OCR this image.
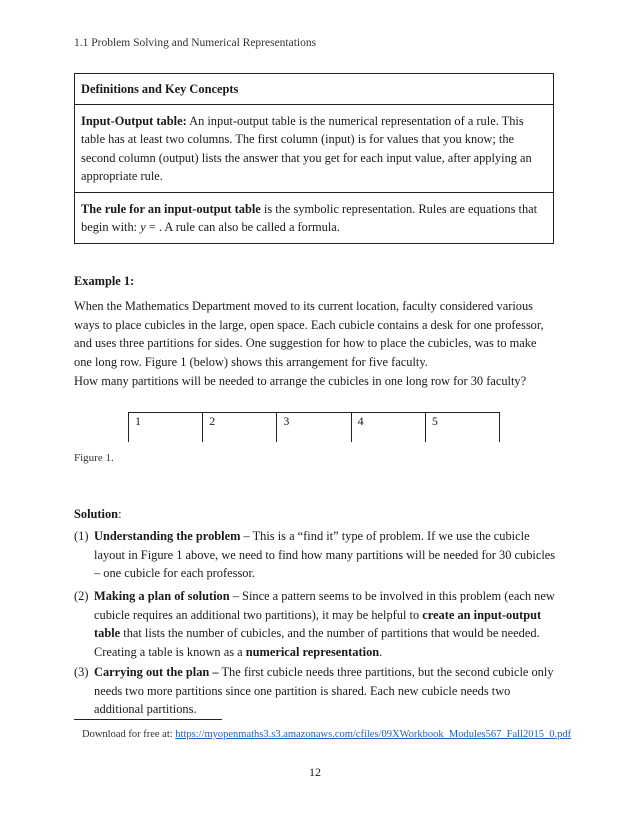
1.1 Problem Solving and Numerical Representations
Definitions and Key Concepts
Input-Output table: An input-output table is the numerical representation of a rule. This table has at least two columns. The first column (input) is for values that you know; the second column (output) lists the answer that you get for each input value, after applying an appropriate rule.
The rule for an input-output table is the symbolic representation. Rules are equations that begin with: y = . A rule can also be called a formula.
Example 1:
When the Mathematics Department moved to its current location, faculty considered various ways to place cubicles in the large, open space. Each cubicle contains a desk for one professor, and uses three partitions for sides. One suggestion for how to place the cubicles, was to make one long row. Figure 1 (below) shows this arrangement for five faculty.
How many partitions will be needed to arrange the cubicles in one long row for 30 faculty?
1	2	3	4	5
Figure 1.
Solution:
(1) Understanding the problem – This is a “find it” type of problem. If we use the cubicle layout in Figure 1 above, we need to find how many partitions will be needed for 30 cubicles – one cubicle for each professor.
(2) Making a plan of solution – Since a pattern seems to be involved in this problem (each new cubicle requires an additional two partitions), it may be helpful to create an input-output table that lists the number of cubicles, and the number of partitions that would be needed. Creating a table is known as a numerical representation.
(3) Carrying out the plan – The first cubicle needs three partitions, but the second cubicle only needs two more partitions since one partition is shared. Each new cubicle needs two additional partitions.
Download for free at: https://myopenmaths3.s3.amazonaws.com/cfiles/09XWorkbook_Modules567_Fall2015_0.pdf
12
